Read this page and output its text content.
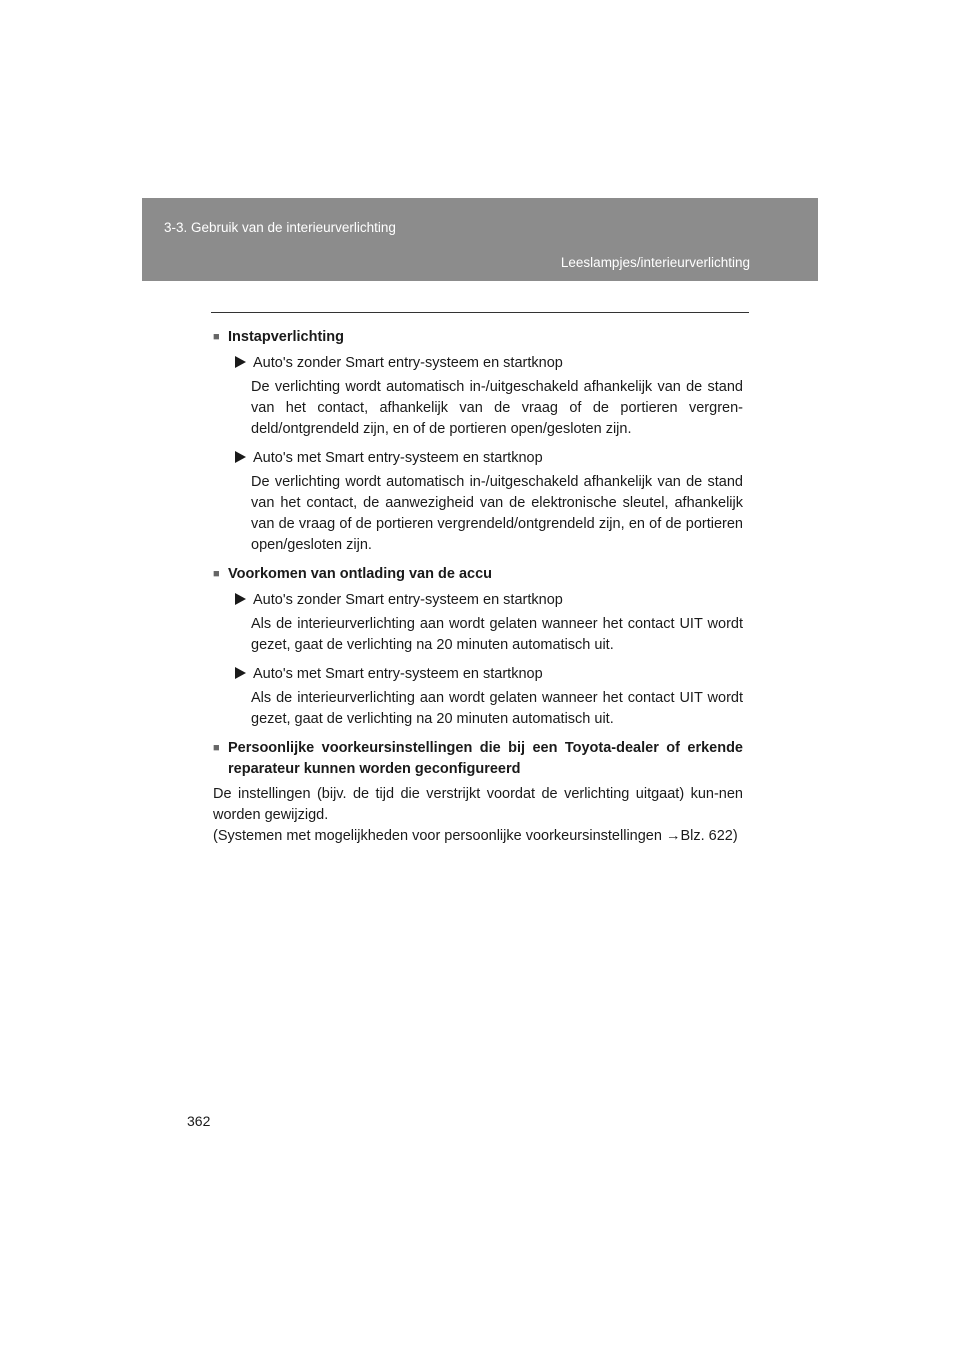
3-3. Gebruik van de interieurverlichting
Leeslampjes/interieurverlichting
■
Instapverlichting
Auto's zonder Smart entry-systeem en startknop
De verlichting wordt automatisch in-/uitgeschakeld afhankelijk van de stand van het contact, afhankelijk van de vraag of de portieren vergren-deld/ontgrendeld zijn, en of de portieren open/gesloten zijn.
Auto's met Smart entry-systeem en startknop
De verlichting wordt automatisch in-/uitgeschakeld afhankelijk van de stand van het contact, de aanwezigheid van de elektronische sleutel, afhankelijk van de vraag of de portieren vergrendeld/ontgrendeld zijn, en of de portieren open/gesloten zijn.
■
Voorkomen van ontlading van de accu
Auto's zonder Smart entry-systeem en startknop
Als de interieurverlichting aan wordt gelaten wanneer het contact UIT wordt gezet, gaat de verlichting na 20 minuten automatisch uit.
Auto's met Smart entry-systeem en startknop
Als de interieurverlichting aan wordt gelaten wanneer het contact UIT wordt gezet, gaat de verlichting na 20 minuten automatisch uit.
■
Persoonlijke voorkeursinstellingen die bij een Toyota-dealer of erkende reparateur kunnen worden geconfigureerd
De instellingen (bijv. de tijd die verstrijkt voordat de verlichting uitgaat) kun-nen worden gewijzigd.
(Systemen met mogelijkheden voor persoonlijke voorkeursinstellingen →Blz. 622)
362
